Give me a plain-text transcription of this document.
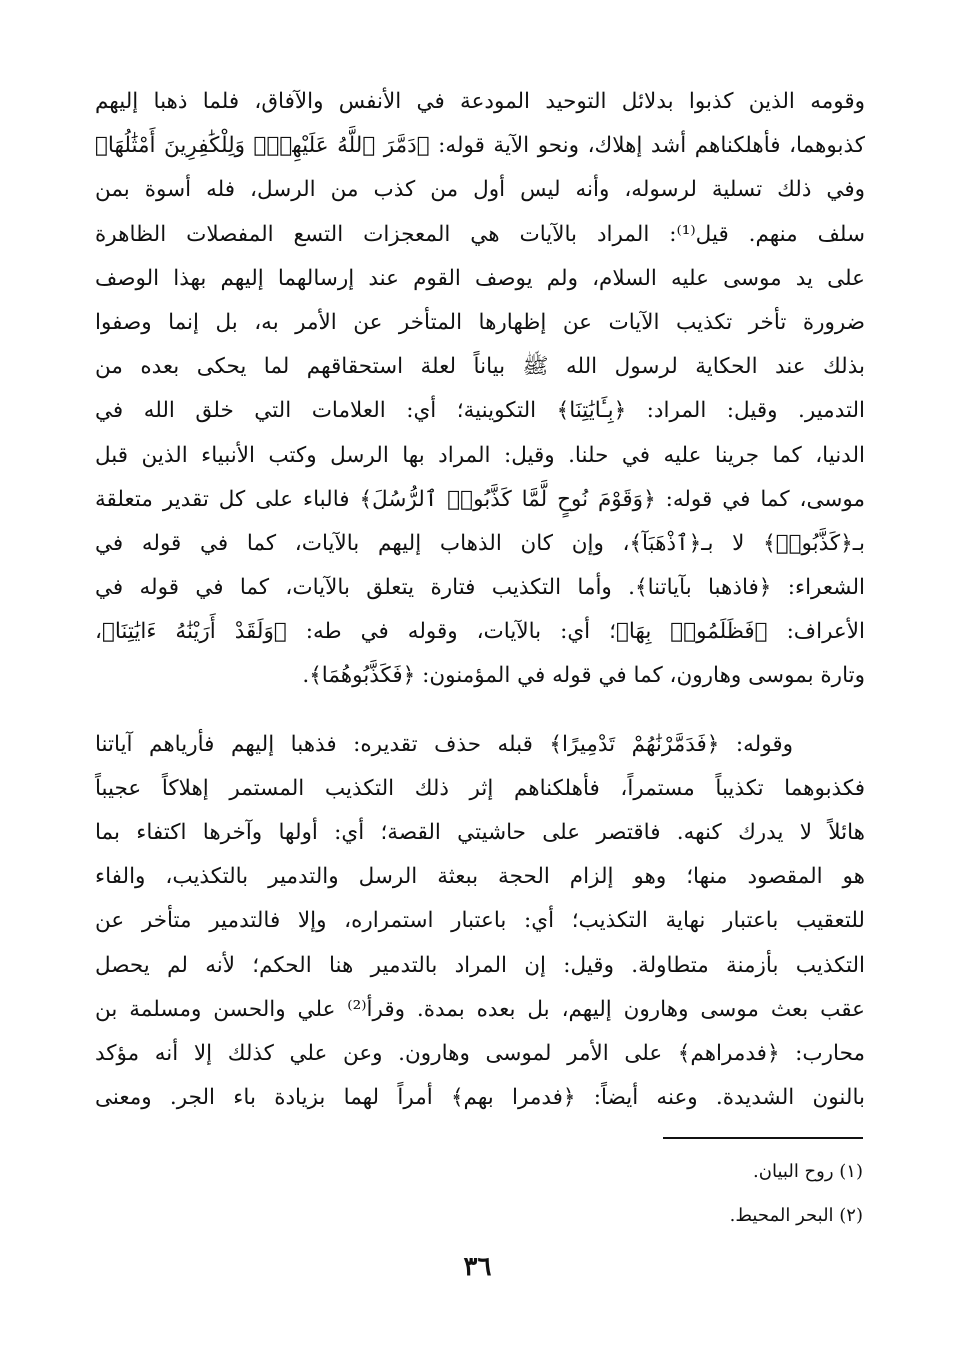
وقومه الذين كذبوا بدلائل التوحيد المودعة في الأنفس والآفاق، فلما ذهبا إليهم
كذبوهما، فأهلكناهم أشد إهلاك، ونحو الآية قوله: ﴿دَمَّرَ ٱللَّهُ عَلَيْهِمْۖ وَلِلْكَٰفِرِينَ أَمْثَٰلُهَا﴾
وفي ذلك تسلية لرسوله، وأنه ليس أول من كذب من الرسل، فله أسوة بمن
سلف منهم. قيل⁽¹⁾: المراد بالآيات هي المعجزات التسع المفصلات الظاهرة
على يد موسى عليه السلام، ولم يوصف القوم عند إرسالهما إليهم بهذا الوصف
ضرورة تأخر تكذيب الآيات عن إظهارها المتأخر عن الأمر به، بل إنما وصفوا
بذلك عند الحكاية لرسول الله ﷺ بياناً لعلة استحقاقهم لما يحكى بعده من
التدمير. وقيل: المراد: ﴿بِـَٔايَٰتِنَا﴾ التكوينية؛ أي: العلامات التي خلق الله في
الدنيا، كما جرينا عليه في حلنا. وقيل: المراد بها الرسل وكتب الأنبياء الذين قبل
موسى، كما في قوله: ﴿وَقَوْمَ نُوحٍ لَّمَّا كَذَّبُوا۟ ٱلرُّسُلَ﴾ فالباء على كل تقدير متعلقة
بـ﴿كَذَّبُوا۟﴾ لا بـ﴿ٱذْهَبَآ﴾، وإن كان الذهاب إليهم بالآيات، كما في قوله في
الشعراء: ﴿فاذهبا بآياتنا﴾. وأما التكذيب فتارة يتعلق بالآيات، كما في قوله في
الأعراف: ﴿فَظَلَمُوا۟ بِهَا﴾؛ أي: بالآيات، وقوله في طه: ﴿وَلَقَدْ أَرَيْنَٰهُ ءَايَٰتِنَا﴾،
وتارة بموسى وهارون، كما في قوله في المؤمنون: ﴿فَكَذَّبُوهُمَا﴾.
وقوله: ﴿فَدَمَّرْنَٰهُمْ تَدْمِيرًا﴾ قبله حذف تقديره: فذهبا إليهم فأرياهم آياتنا
فكذبوهما تكذيباً مستمراً، فأهلكناهم إثر ذلك التكذيب المستمر إهلاكاً عجيباً
هائلاً لا يدرك كنهه. فاقتصر على حاشيتي القصة؛ أي: أولها وآخرها اكتفاء بما
هو المقصود منها؛ وهو إلزام الحجة ببعثة الرسل والتدمير بالتكذيب، والفاء
للتعقيب باعتبار نهاية التكذيب؛ أي: باعتبار استمراره، وإلا فالتدمير متأخر عن
التكذيب بأزمنة متطاولة. وقيل: إن المراد بالتدمير هنا الحكم؛ لأنه لم يحصل
عقب بعث موسى وهارون إليهم، بل بعده بمدة. وقرأ⁽²⁾ علي والحسن ومسلمة بن
محارب: ﴿فدمراهم﴾ على الأمر لموسى وهارون. وعن علي كذلك إلا أنه مؤكد
بالنون الشديدة. وعنه أيضاً: ﴿فدمرا بهم﴾ أمراً لهما بزيادة باء الجر. ومعنى
(١) روح البيان.
(٢) البحر المحيط.
٣٦
